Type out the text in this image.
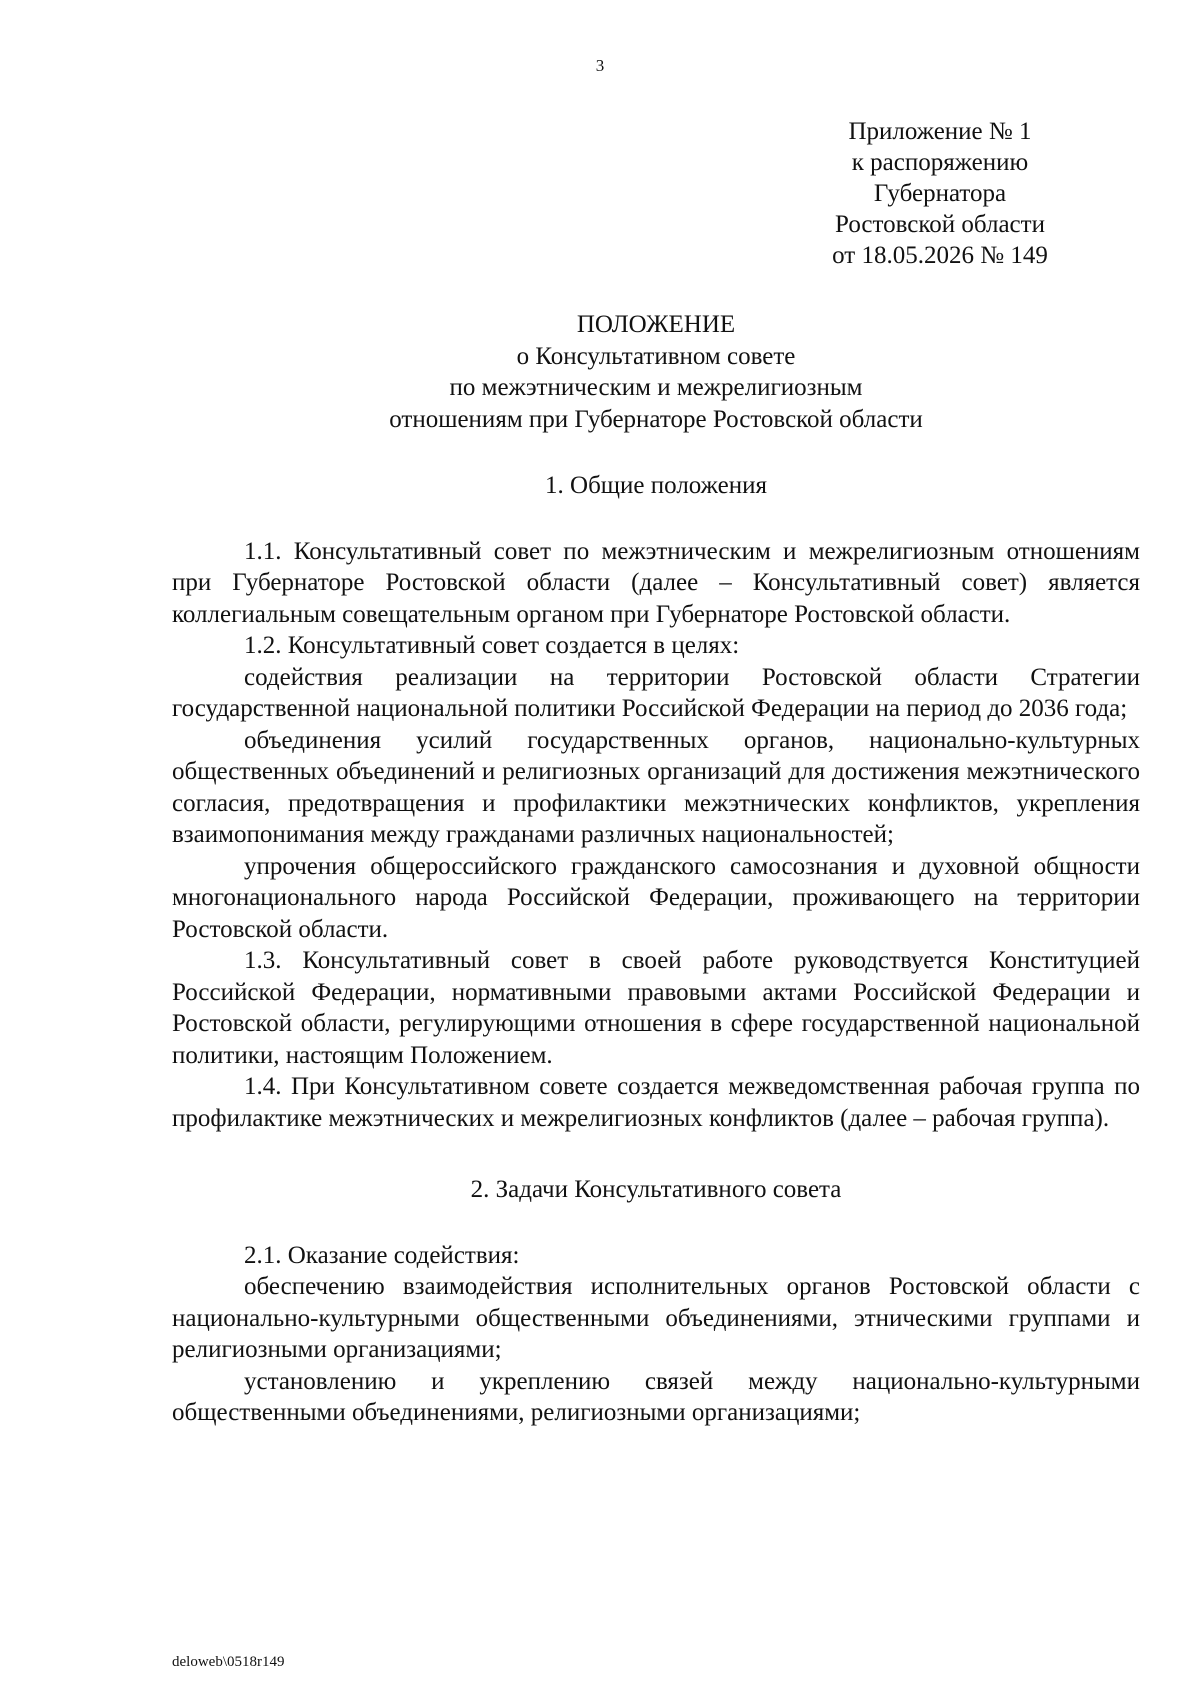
3
Приложение № 1
к распоряжению
Губернатора
Ростовской области
от 18.05.2026 № 149
ПОЛОЖЕНИЕ
о Консультативном совете
по межэтническим и межрелигиозным
отношениям при Губернаторе Ростовской области

1. Общие положения

1.1. Консультативный совет по межэтническим и межрелигиозным отношениям при Губернаторе Ростовской области (далее – Консультативный совет) является коллегиальным совещательным органом при Губернаторе Ростовской области.

1.2. Консультативный совет создается в целях:

содействия реализации на территории Ростовской области Стратегии государственной национальной политики Российской Федерации на период до 2036 года;

объединения усилий государственных органов, национально-культурных общественных объединений и религиозных организаций для достижения межэтнического согласия, предотвращения и профилактики межэтнических конфликтов, укрепления взаимопонимания между гражданами различных национальностей;

упрочения общероссийского гражданского самосознания и духовной общности многонационального народа Российской Федерации, проживающего на территории Ростовской области.

1.3. Консультативный совет в своей работе руководствуется Конституцией Российской Федерации, нормативными правовыми актами Российской Федерации и Ростовской области, регулирующими отношения в сфере государственной национальной политики, настоящим Положением.

1.4. При Консультативном совете создается межведомственная рабочая группа по профилактике межэтнических и межрелигиозных конфликтов (далее – рабочая группа).

2. Задачи Консультативного совета

2.1. Оказание содействия:

обеспечению взаимодействия исполнительных органов Ростовской области с национально-культурными общественными объединениями, этническими группами и религиозными организациями;

установлению и укреплению связей между национально-культурными общественными объединениями, религиозными организациями;

deloweb\0518r149
